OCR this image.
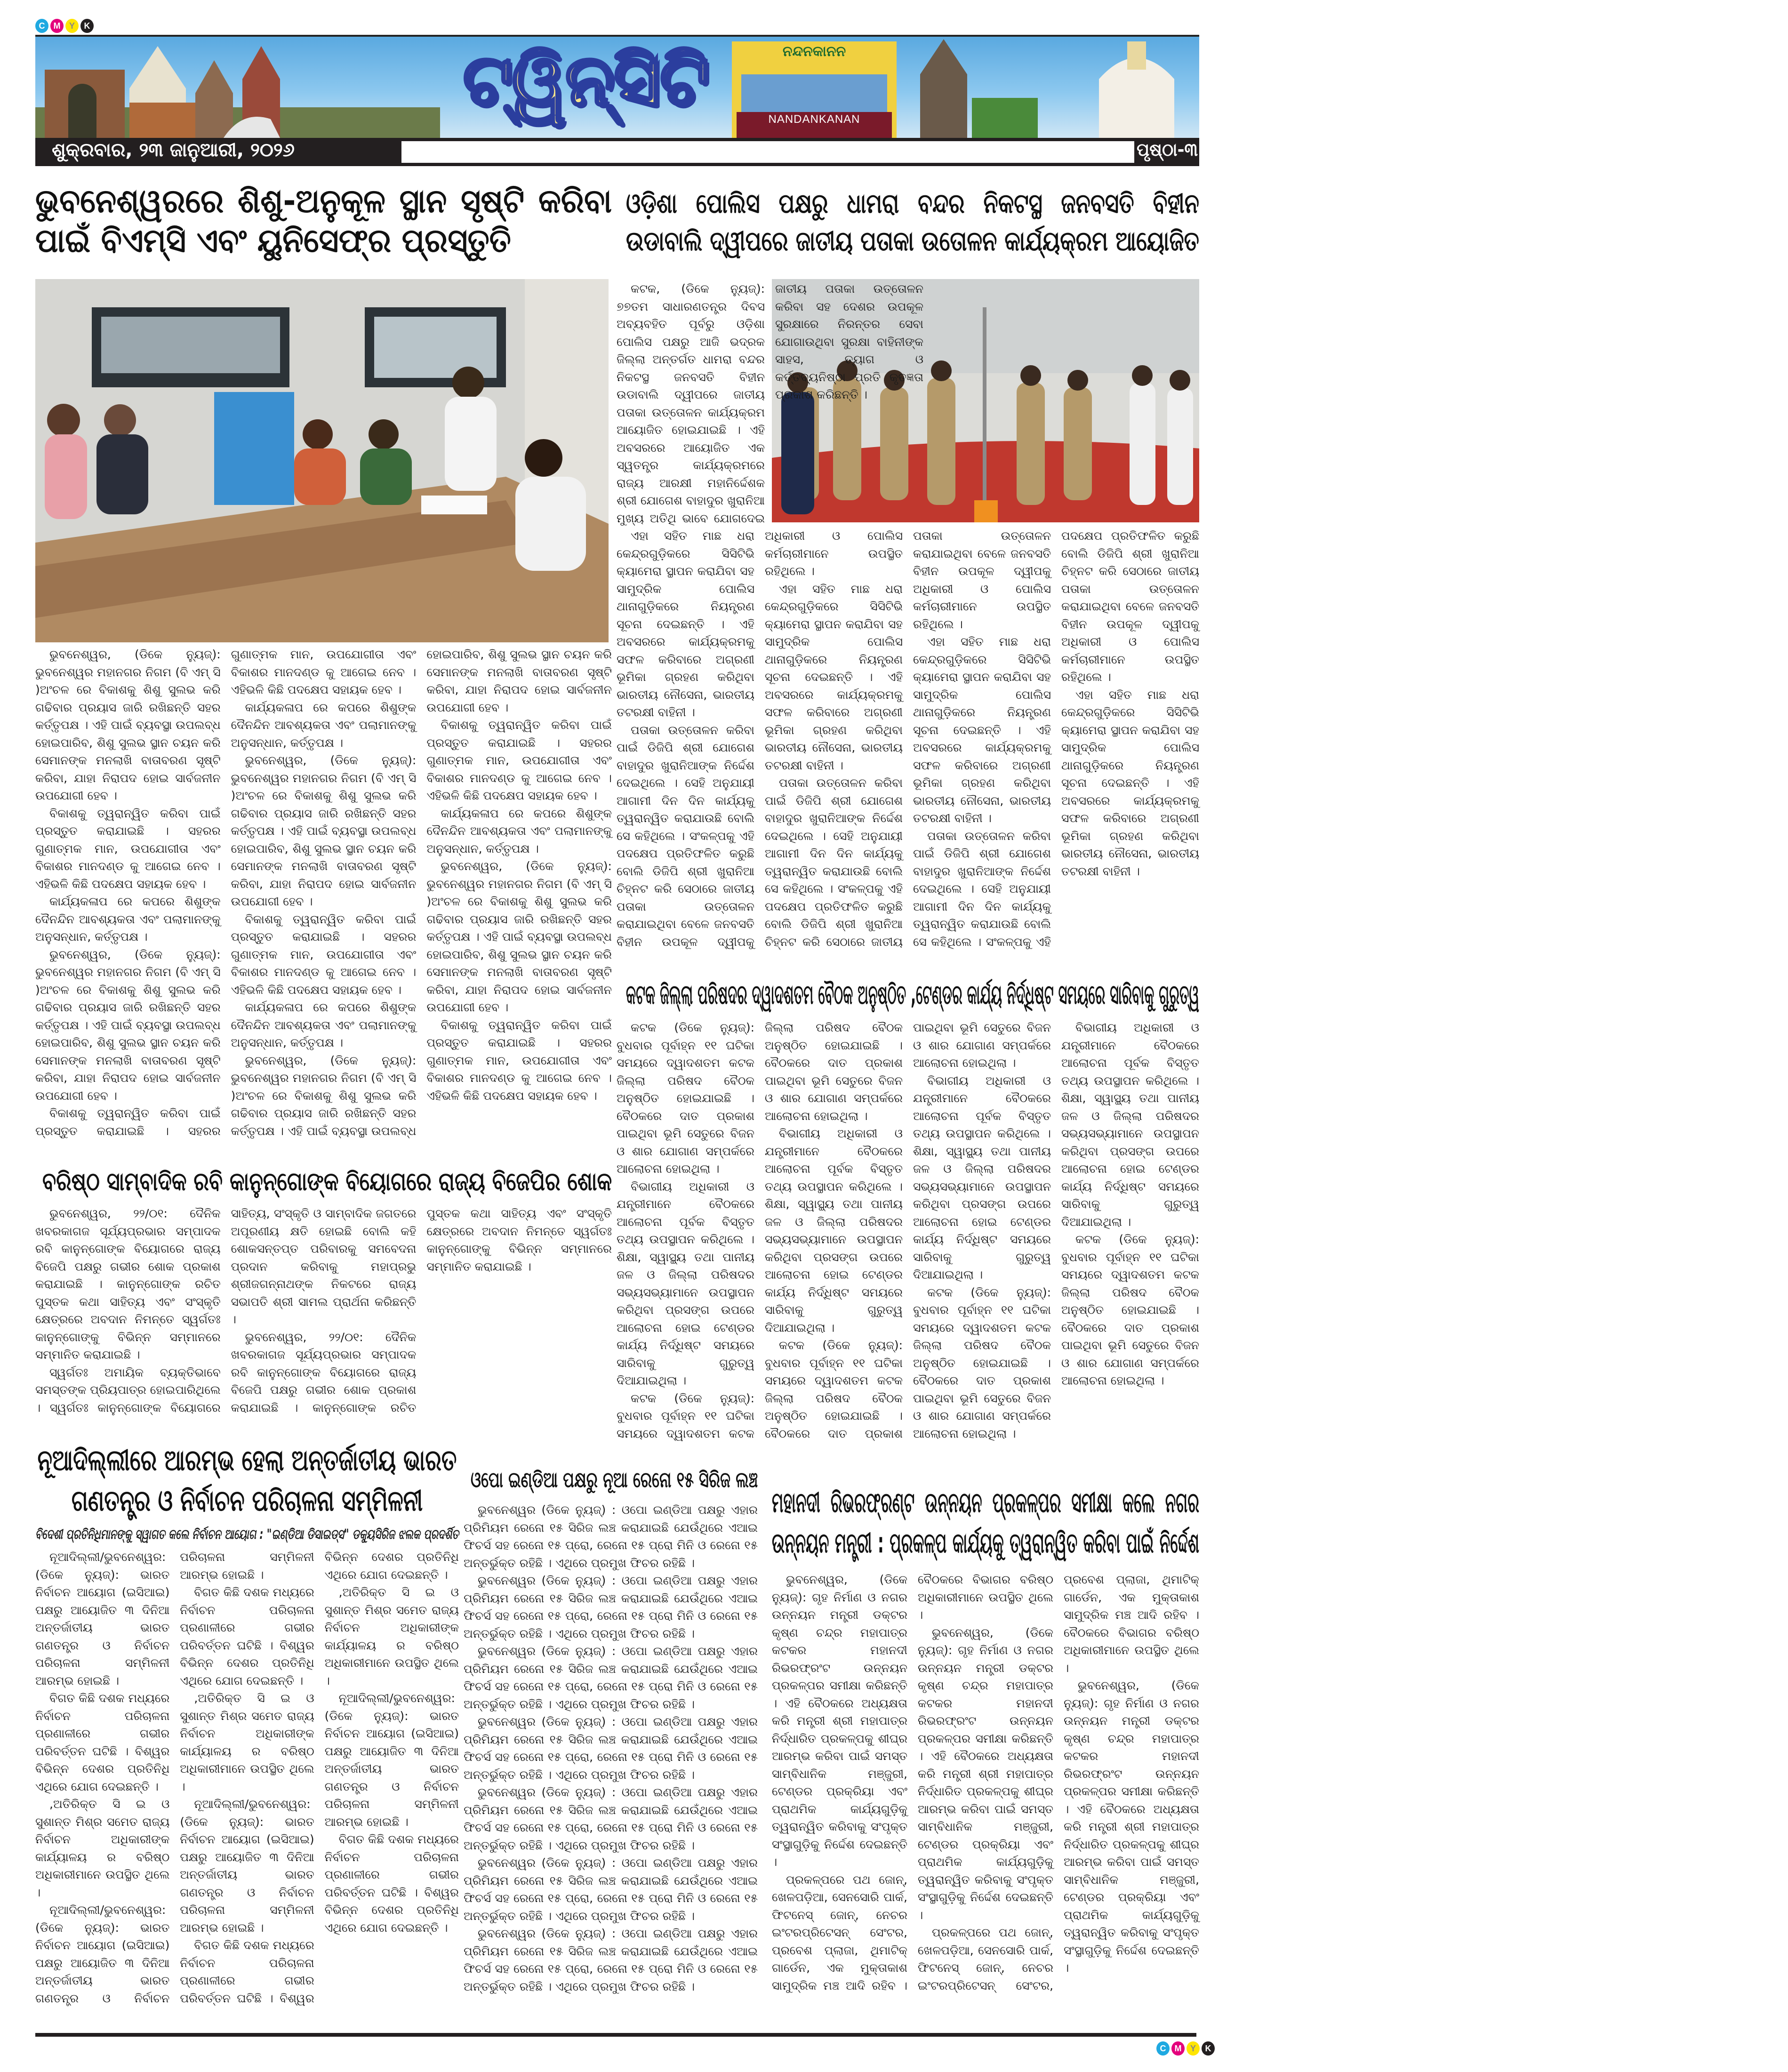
C	M	Y	K
ନନ୍ଦନକାନନ
NANDANKANAN
ଟ୍ୱିନ୍‌ସିଟି
ଶୁକ୍ରବାର, ୨୩ ଜାନୁଆରୀ, ୨୦୨୬	ପୃଷ୍ଠା-୩
ଭୁବନେଶ୍ୱରରେ ଶିଶୁ-ଅନୁକୂଳ ସ୍ଥାନ ସୃଷ୍ଟି କରିବା ପାଇଁ ବିଏମ୍‌ସି ଏବଂ ୟୁନିସେଫ୍‌ର ପ୍ରସ୍ତୁତି
ଓଡ଼ିଶା ପୋଲିସ ପକ୍ଷରୁ ଧାମରା ବନ୍ଦର ନିକଟସ୍ଥ ଜନବସତି ବିହୀନ ଉଡାବାଲି ଦ୍ୱୀପରେ ଜାତୀୟ ପତାକା ଉତୋଳନ କାର୍ଯ୍ୟକ୍ରମ ଆୟୋଜିତ

ଭୁବନେଶ୍ୱର, (ଡିକେ ନ୍ୟୁଜ୍): ଭୁବନେଶ୍ୱର ମହାନଗର ନିଗମ (ବି ଏମ୍ ସି )ଅଂଚଳ ରେ ବିକାଶକୁ ଶିଶୁ ସୁଲଭ କରି ଗଢିବାର ପ୍ରୟାସ ଜାରି ରଖିଛନ୍ତି ସହର କର୍ତ୍ତୃପକ୍ଷ । ଏହି ପାଇଁ ବ୍ୟବସ୍ଥା ଉପଲବ୍ଧ ହୋଇପାରିବ, ଶିଶୁ ସୁଲଭ ସ୍ଥାନ ଚୟନ କରି ସେମାନଙ୍କ ମନଲାଖି ବାତାବରଣ ସୃଷ୍ଟି କରିବା, ଯାହା ନିରାପଦ ହୋଇ ସାର୍ବଜନୀନ ଉପଯୋଗୀ ହେବ ।

ବିକାଶକୁ ତ୍ୱରାନ୍ୱିତ କରିବା ପାଇଁ ପ୍ରସ୍ତୁତ କରାଯାଇଛି । ସହରର ଗୁଣାତ୍ମକ ମାନ, ଉପଯୋଗୀତା ଏବଂ ବିକାଶର ମାନଦଣ୍ଡ କୁ ଆଗେଇ ନେବ । ଏହିଭଳି କିଛି ପଦକ୍ଷେପ ସହାୟକ ହେବ ।

କାର୍ଯ୍ୟକଳାପ ରେ କପରେ ଶିଶୁଙ୍କ ଦୈନନ୍ଦିନ ଆବଶ୍ୟକତା ଏବଂ ପଲାମାନଙ୍କୁ ଅନୁସନ୍ଧାନ, କର୍ତ୍ତୃପକ୍ଷ ।

ଭୁବନେଶ୍ୱର, (ଡିକେ ନ୍ୟୁଜ୍): ଭୁବନେଶ୍ୱର ମହାନଗର ନିଗମ (ବି ଏମ୍ ସି )ଅଂଚଳ ରେ ବିକାଶକୁ ଶିଶୁ ସୁଲଭ କରି ଗଢିବାର ପ୍ରୟାସ ଜାରି ରଖିଛନ୍ତି ସହର କର୍ତ୍ତୃପକ୍ଷ । ଏହି ପାଇଁ ବ୍ୟବସ୍ଥା ଉପଲବ୍ଧ ହୋଇପାରିବ, ଶିଶୁ ସୁଲଭ ସ୍ଥାନ ଚୟନ କରି ସେମାନଙ୍କ ମନଲାଖି ବାତାବରଣ ସୃଷ୍ଟି କରିବା, ଯାହା ନିରାପଦ ହୋଇ ସାର୍ବଜନୀନ ଉପଯୋଗୀ ହେବ ।

ବିକାଶକୁ ତ୍ୱରାନ୍ୱିତ କରିବା ପାଇଁ ପ୍ରସ୍ତୁତ କରାଯାଇଛି । ସହରର ଗୁଣାତ୍ମକ ମାନ, ଉପଯୋଗୀତା ଏବଂ ବିକାଶର ମାନଦଣ୍ଡ କୁ ଆଗେଇ ନେବ । ଏହିଭଳି କିଛି ପଦକ୍ଷେପ ସହାୟକ ହେବ ।

କାର୍ଯ୍ୟକଳାପ ରେ କପରେ ଶିଶୁଙ୍କ ଦୈନନ୍ଦିନ ଆବଶ୍ୟକତା ଏବଂ ପଲାମାନଙ୍କୁ ଅନୁସନ୍ଧାନ, କର୍ତ୍ତୃପକ୍ଷ ।

ଭୁବନେଶ୍ୱର, (ଡିକେ ନ୍ୟୁଜ୍): ଭୁବନେଶ୍ୱର ମହାନଗର ନିଗମ (ବି ଏମ୍ ସି )ଅଂଚଳ ରେ ବିକାଶକୁ ଶିଶୁ ସୁଲଭ କରି ଗଢିବାର ପ୍ରୟାସ ଜାରି ରଖିଛନ୍ତି ସହର କର୍ତ୍ତୃପକ୍ଷ । ଏହି ପାଇଁ ବ୍ୟବସ୍ଥା ଉପଲବ୍ଧ ହୋଇପାରିବ, ଶିଶୁ ସୁଲଭ ସ୍ଥାନ ଚୟନ କରି ସେମାନଙ୍କ ମନଲାଖି ବାତାବରଣ ସୃଷ୍ଟି କରିବା, ଯାହା ନିରାପଦ ହୋଇ ସାର୍ବଜନୀନ ଉପଯୋଗୀ ହେବ ।

ବିକାଶକୁ ତ୍ୱରାନ୍ୱିତ କରିବା ପାଇଁ ପ୍ରସ୍ତୁତ କରାଯାଇଛି । ସହରର ଗୁଣାତ୍ମକ ମାନ, ଉପଯୋଗୀତା ଏବଂ ବିକାଶର ମାନଦଣ୍ଡ କୁ ଆଗେଇ ନେବ । ଏହିଭଳି କିଛି ପଦକ୍ଷେପ ସହାୟକ ହେବ ।

କାର୍ଯ୍ୟକଳାପ ରେ କପରେ ଶିଶୁଙ୍କ ଦୈନନ୍ଦିନ ଆବଶ୍ୟକତା ଏବଂ ପଲାମାନଙ୍କୁ ଅନୁସନ୍ଧାନ, କର୍ତ୍ତୃପକ୍ଷ ।

ଭୁବନେଶ୍ୱର, (ଡିକେ ନ୍ୟୁଜ୍): ଭୁବନେଶ୍ୱର ମହାନଗର ନିଗମ (ବି ଏମ୍ ସି )ଅଂଚଳ ରେ ବିକାଶକୁ ଶିଶୁ ସୁଲଭ କରି ଗଢିବାର ପ୍ରୟାସ ଜାରି ରଖିଛନ୍ତି ସହର କର୍ତ୍ତୃପକ୍ଷ । ଏହି ପାଇଁ ବ୍ୟବସ୍ଥା ଉପଲବ୍ଧ ହୋଇପାରିବ, ଶିଶୁ ସୁଲଭ ସ୍ଥାନ ଚୟନ କରି ସେମାନଙ୍କ ମନଲାଖି ବାତାବରଣ ସୃଷ୍ଟି କରିବା, ଯାହା ନିରାପଦ ହୋଇ ସାର୍ବଜନୀନ ଉପଯୋଗୀ ହେବ ।

ବିକାଶକୁ ତ୍ୱରାନ୍ୱିତ କରିବା ପାଇଁ ପ୍ରସ୍ତୁତ କରାଯାଇଛି । ସହରର ଗୁଣାତ୍ମକ ମାନ, ଉପଯୋଗୀତା ଏବଂ ବିକାଶର ମାନଦଣ୍ଡ କୁ ଆଗେଇ ନେବ । ଏହିଭଳି କିଛି ପଦକ୍ଷେପ ସହାୟକ ହେବ ।

କାର୍ଯ୍ୟକଳାପ ରେ କପରେ ଶିଶୁଙ୍କ ଦୈନନ୍ଦିନ ଆବଶ୍ୟକତା ଏବଂ ପଲାମାନଙ୍କୁ ଅନୁସନ୍ଧାନ, କର୍ତ୍ତୃପକ୍ଷ ।

ଭୁବନେଶ୍ୱର, (ଡିକେ ନ୍ୟୁଜ୍): ଭୁବନେଶ୍ୱର ମହାନଗର ନିଗମ (ବି ଏମ୍ ସି )ଅଂଚଳ ରେ ବିକାଶକୁ ଶିଶୁ ସୁଲଭ କରି ଗଢିବାର ପ୍ରୟାସ ଜାରି ରଖିଛନ୍ତି ସହର କର୍ତ୍ତୃପକ୍ଷ । ଏହି ପାଇଁ ବ୍ୟବସ୍ଥା ଉପଲବ୍ଧ ହୋଇପାରିବ, ଶିଶୁ ସୁଲଭ ସ୍ଥାନ ଚୟନ କରି ସେମାନଙ୍କ ମନଲାଖି ବାତାବରଣ ସୃଷ୍ଟି କରିବା, ଯାହା ନିରାପଦ ହୋଇ ସାର୍ବଜନୀନ ଉପଯୋଗୀ ହେବ ।

ବିକାଶକୁ ତ୍ୱରାନ୍ୱିତ କରିବା ପାଇଁ ପ୍ରସ୍ତୁତ କରାଯାଇଛି । ସହରର ଗୁଣାତ୍ମକ ମାନ, ଉପଯୋଗୀତା ଏବଂ ବିକାଶର ମାନଦଣ୍ଡ କୁ ଆଗେଇ ନେବ । ଏହିଭଳି କିଛି ପଦକ୍ଷେପ ସହାୟକ ହେବ ।

କଟକ, (ଡିକେ ନ୍ୟୁଜ୍): ୭୭ତମ ସାଧାରଣତନ୍ତ୍ର ଦିବସ ଅବ୍ୟବହିତ ପୂର୍ବରୁ ଓଡ଼ିଶା ପୋଲିସ ପକ୍ଷରୁ ଆଜି ଭଦ୍ରକ ଜିଲ୍ଲା ଅନ୍ତର୍ଗତ ଧାମରା ବନ୍ଦର ନିକଟସ୍ଥ ଜନବସତି ବିହୀନ ଉଡାବାଲି ଦ୍ୱୀପରେ ଜାତୀୟ ପତାକା ଉତ୍ତୋଳନ କାର୍ଯ୍ୟକ୍ରମ ଆୟୋଜିତ ହୋଇଯାଇଛି । ଏହି ଅବସରରେ ଆୟୋଜିତ ଏକ ସ୍ୱତନ୍ତ୍ର କାର୍ଯ୍ୟକ୍ରମରେ ରାଜ୍ୟ ଆରକ୍ଷୀ ମହାନିର୍ଦ୍ଦେଶକ ଶ୍ରୀ ଯୋଗେଶ ବାହାଦୁର ଖୁରାନିଆ ମୁଖ୍ୟ ଅତିଥି ଭାବେ ଯୋଗଦେଇ ଜାତୀୟ ପତାକା ଉତ୍ତୋଳନ କରିବା ସହ ଦେଶର ଉପକୂଳ ସୁରକ୍ଷାରେ ନିରନ୍ତର ସେବା ଯୋଗାଉଥିବା ସୁରକ୍ଷା ବାହିନୀଙ୍କ ସାହସ, ତ୍ୟାଗ ଓ କର୍ତ୍ତବ୍ୟନିଷ୍ଠା ପ୍ରତି କୃତଜ୍ଞତା ପ୍ରକାଶ କରିଛନ୍ତି ।

ଏହା ସହିତ ମାଛ ଧରା କେନ୍ଦ୍ରଗୁଡ଼ିକରେ ସିସିଟିଭି କ୍ୟାମେରା ସ୍ଥାପନ କରାଯିବା ସହ ସାମୁଦ୍ରିକ ପୋଲିସ ଥାନାଗୁଡ଼ିକରେ ନିୟନ୍ତ୍ରଣ ସୂଚନା ଦେଇଛନ୍ତି । ଏହି ଅବସରରେ କାର୍ଯ୍ୟକ୍ରମକୁ ସଫଳ କରିବାରେ ଅଗ୍ରଣୀ ଭୂମିକା ଗ୍ରହଣ କରିଥିବା ଭାରତୀୟ ନୌସେନା, ଭାରତୀୟ ତଟରକ୍ଷୀ ବାହିନୀ ।

ପତାକା ଉତ୍ତୋଳନ କରିବା ପାଇଁ ଡିଜିପି ଶ୍ରୀ ଯୋଗେଶ ବାହାଦୁର ଖୁରାନିଆଙ୍କ ନିର୍ଦ୍ଦେଶ ଦେଇଥିଲେ । ସେହି ଅନୁଯାୟୀ ଆଗାମୀ ଦିନ ଦିନ କାର୍ଯ୍ୟକୁ ତ୍ୱରାନ୍ୱିତ କରାଯାଉଛି ବୋଲି ସେ କହିଥିଲେ । ସଂକଳ୍ପକୁ ଏହି ପଦକ୍ଷେପ ପ୍ରତିଫଳିତ କରୁଛି ବୋଲି ଡିଜିପି ଶ୍ରୀ ଖୁରାନିଆ ଚିହ୍ନଟ କରି ସେଠାରେ ଜାତୀୟ ପତାକା ଉତ୍ତୋଳନ କରାଯାଇଥିବା ବେଳେ ଜନବସତି ବିହୀନ ଉପକୂଳ ଦ୍ୱୀପକୁ ଅଧିକାରୀ ଓ ପୋଲିସ କର୍ମଚାରୀମାନେ ଉପସ୍ଥିତ ରହିଥିଲେ ।

ଏହା ସହିତ ମାଛ ଧରା କେନ୍ଦ୍ରଗୁଡ଼ିକରେ ସିସିଟିଭି କ୍ୟାମେରା ସ୍ଥାପନ କରାଯିବା ସହ ସାମୁଦ୍ରିକ ପୋଲିସ ଥାନାଗୁଡ଼ିକରେ ନିୟନ୍ତ୍ରଣ ସୂଚନା ଦେଇଛନ୍ତି । ଏହି ଅବସରରେ କାର୍ଯ୍ୟକ୍ରମକୁ ସଫଳ କରିବାରେ ଅଗ୍ରଣୀ ଭୂମିକା ଗ୍ରହଣ କରିଥିବା ଭାରତୀୟ ନୌସେନା, ଭାରତୀୟ ତଟରକ୍ଷୀ ବାହିନୀ ।

ପତାକା ଉତ୍ତୋଳନ କରିବା ପାଇଁ ଡିଜିପି ଶ୍ରୀ ଯୋଗେଶ ବାହାଦୁର ଖୁରାନିଆଙ୍କ ନିର୍ଦ୍ଦେଶ ଦେଇଥିଲେ । ସେହି ଅନୁଯାୟୀ ଆଗାମୀ ଦିନ ଦିନ କାର୍ଯ୍ୟକୁ ତ୍ୱରାନ୍ୱିତ କରାଯାଉଛି ବୋଲି ସେ କହିଥିଲେ । ସଂକଳ୍ପକୁ ଏହି ପଦକ୍ଷେପ ପ୍ରତିଫଳିତ କରୁଛି ବୋଲି ଡିଜିପି ଶ୍ରୀ ଖୁରାନିଆ ଚିହ୍ନଟ କରି ସେଠାରେ ଜାତୀୟ ପତାକା ଉତ୍ତୋଳନ କରାଯାଇଥିବା ବେଳେ ଜନବସତି ବିହୀନ ଉପକୂଳ ଦ୍ୱୀପକୁ ଅଧିକାରୀ ଓ ପୋଲିସ କର୍ମଚାରୀମାନେ ଉପସ୍ଥିତ ରହିଥିଲେ ।

ଏହା ସହିତ ମାଛ ଧରା କେନ୍ଦ୍ରଗୁଡ଼ିକରେ ସିସିଟିଭି କ୍ୟାମେରା ସ୍ଥାପନ କରାଯିବା ସହ ସାମୁଦ୍ରିକ ପୋଲିସ ଥାନାଗୁଡ଼ିକରେ ନିୟନ୍ତ୍ରଣ ସୂଚନା ଦେଇଛନ୍ତି । ଏହି ଅବସରରେ କାର୍ଯ୍ୟକ୍ରମକୁ ସଫଳ କରିବାରେ ଅଗ୍ରଣୀ ଭୂମିକା ଗ୍ରହଣ କରିଥିବା ଭାରତୀୟ ନୌସେନା, ଭାରତୀୟ ତଟରକ୍ଷୀ ବାହିନୀ ।

ପତାକା ଉତ୍ତୋଳନ କରିବା ପାଇଁ ଡିଜିପି ଶ୍ରୀ ଯୋଗେଶ ବାହାଦୁର ଖୁରାନିଆଙ୍କ ନିର୍ଦ୍ଦେଶ ଦେଇଥିଲେ । ସେହି ଅନୁଯାୟୀ ଆଗାମୀ ଦିନ ଦିନ କାର୍ଯ୍ୟକୁ ତ୍ୱରାନ୍ୱିତ କରାଯାଉଛି ବୋଲି ସେ କହିଥିଲେ । ସଂକଳ୍ପକୁ ଏହି ପଦକ୍ଷେପ ପ୍ରତିଫଳିତ କରୁଛି ବୋଲି ଡିଜିପି ଶ୍ରୀ ଖୁରାନିଆ ଚିହ୍ନଟ କରି ସେଠାରେ ଜାତୀୟ ପତାକା ଉତ୍ତୋଳନ କରାଯାଇଥିବା ବେଳେ ଜନବସତି ବିହୀନ ଉପକୂଳ ଦ୍ୱୀପକୁ ଅଧିକାରୀ ଓ ପୋଲିସ କର୍ମଚାରୀମାନେ ଉପସ୍ଥିତ ରହିଥିଲେ ।

ଏହା ସହିତ ମାଛ ଧରା କେନ୍ଦ୍ରଗୁଡ଼ିକରେ ସିସିଟିଭି କ୍ୟାମେରା ସ୍ଥାପନ କରାଯିବା ସହ ସାମୁଦ୍ରିକ ପୋଲିସ ଥାନାଗୁଡ଼ିକରେ ନିୟନ୍ତ୍ରଣ ସୂଚନା ଦେଇଛନ୍ତି । ଏହି ଅବସରରେ କାର୍ଯ୍ୟକ୍ରମକୁ ସଫଳ କରିବାରେ ଅଗ୍ରଣୀ ଭୂମିକା ଗ୍ରହଣ କରିଥିବା ଭାରତୀୟ ନୌସେନା, ଭାରତୀୟ ତଟରକ୍ଷୀ ବାହିନୀ ।

କଟକ ଜିଲ୍ଲା ପରିଷଦର ଦ୍ୱାଦଶତମ ବୈଠକ ଅନୁଷ୍ଠିତ ,ଟେଣ୍ଡର କାର୍ଯ୍ୟ ନିର୍ଦ୍ଧିଷ୍ଟ ସମୟରେ ସାରିବାକୁ ଗୁରୁତ୍ୱ

କଟକ (ଡିକେ ନ୍ୟୁଜ୍): ବୁଧବାର ପୂର୍ବାହ୍ନ ୧୧ ଘଟିକା ସମୟରେ ଦ୍ୱାଦଶତମ କଟକ ଜିଲ୍ଲା ପରିଷଦ ବୈଠକ ଅନୁଷ୍ଠିତ ହୋଇଯାଇଛି । ବୈଠକରେ ଦାତ ପ୍ରକାଶ ପାଇଥିବା ଭୂମି ସେତୁରେ ବିଜନ ଓ ଶାର ଯୋଗାଣ ସମ୍ପର୍କରେ ଆଲୋଚନା ହୋଇଥିଲା ।

ବିଭାଗୀୟ ଅଧିକାରୀ ଓ ଯନ୍ତ୍ରୀମାନେ ବୈଠକରେ ଆଲୋଚନା ପୂର୍ବକ ବିସ୍ତୃତ ତଥ୍ୟ ଉପସ୍ଥାପନ କରିଥିଲେ । ଶିକ୍ଷା, ସ୍ୱାସ୍ଥ୍ୟ ତଥା ପାନୀୟ ଜଳ ଓ ଜିଲ୍ଲା ପରିଷଦର ସଭ୍ୟସଭ୍ୟାମାନେ ଉପସ୍ଥାପନ କରିଥିବା ପ୍ରସଙ୍ଗ ଉପରେ ଆଲୋଚନା ହୋଇ ଟେଣ୍ଡର କାର୍ଯ୍ୟ ନିର୍ଦ୍ଧିଷ୍ଟ ସମୟରେ ସାରିବାକୁ ଗୁରୁତ୍ୱ ଦିଆଯାଇଥିଲା ।

କଟକ (ଡିକେ ନ୍ୟୁଜ୍): ବୁଧବାର ପୂର୍ବାହ୍ନ ୧୧ ଘଟିକା ସମୟରେ ଦ୍ୱାଦଶତମ କଟକ ଜିଲ୍ଲା ପରିଷଦ ବୈଠକ ଅନୁଷ୍ଠିତ ହୋଇଯାଇଛି । ବୈଠକରେ ଦାତ ପ୍ରକାଶ ପାଇଥିବା ଭୂମି ସେତୁରେ ବିଜନ ଓ ଶାର ଯୋଗାଣ ସମ୍ପର୍କରେ ଆଲୋଚନା ହୋଇଥିଲା ।

ବିଭାଗୀୟ ଅଧିକାରୀ ଓ ଯନ୍ତ୍ରୀମାନେ ବୈଠକରେ ଆଲୋଚନା ପୂର୍ବକ ବିସ୍ତୃତ ତଥ୍ୟ ଉପସ୍ଥାପନ କରିଥିଲେ । ଶିକ୍ଷା, ସ୍ୱାସ୍ଥ୍ୟ ତଥା ପାନୀୟ ଜଳ ଓ ଜିଲ୍ଲା ପରିଷଦର ସଭ୍ୟସଭ୍ୟାମାନେ ଉପସ୍ଥାପନ କରିଥିବା ପ୍ରସଙ୍ଗ ଉପରେ ଆଲୋଚନା ହୋଇ ଟେଣ୍ଡର କାର୍ଯ୍ୟ ନିର୍ଦ୍ଧିଷ୍ଟ ସମୟରେ ସାରିବାକୁ ଗୁରୁତ୍ୱ ଦିଆଯାଇଥିଲା ।

କଟକ (ଡିକେ ନ୍ୟୁଜ୍): ବୁଧବାର ପୂର୍ବାହ୍ନ ୧୧ ଘଟିକା ସମୟରେ ଦ୍ୱାଦଶତମ କଟକ ଜିଲ୍ଲା ପରିଷଦ ବୈଠକ ଅନୁଷ୍ଠିତ ହୋଇଯାଇଛି । ବୈଠକରେ ଦାତ ପ୍ରକାଶ ପାଇଥିବା ଭୂମି ସେତୁରେ ବିଜନ ଓ ଶାର ଯୋଗାଣ ସମ୍ପର୍କରେ ଆଲୋଚନା ହୋଇଥିଲା ।

ବିଭାଗୀୟ ଅଧିକାରୀ ଓ ଯନ୍ତ୍ରୀମାନେ ବୈଠକରେ ଆଲୋଚନା ପୂର୍ବକ ବିସ୍ତୃତ ତଥ୍ୟ ଉପସ୍ଥାପନ କରିଥିଲେ । ଶିକ୍ଷା, ସ୍ୱାସ୍ଥ୍ୟ ତଥା ପାନୀୟ ଜଳ ଓ ଜିଲ୍ଲା ପରିଷଦର ସଭ୍ୟସଭ୍ୟାମାନେ ଉପସ୍ଥାପନ କରିଥିବା ପ୍ରସଙ୍ଗ ଉପରେ ଆଲୋଚନା ହୋଇ ଟେଣ୍ଡର କାର୍ଯ୍ୟ ନିର୍ଦ୍ଧିଷ୍ଟ ସମୟରେ ସାରିବାକୁ ଗୁରୁତ୍ୱ ଦିଆଯାଇଥିଲା ।

କଟକ (ଡିକେ ନ୍ୟୁଜ୍): ବୁଧବାର ପୂର୍ବାହ୍ନ ୧୧ ଘଟିକା ସମୟରେ ଦ୍ୱାଦଶତମ କଟକ ଜିଲ୍ଲା ପରିଷଦ ବୈଠକ ଅନୁଷ୍ଠିତ ହୋଇଯାଇଛି । ବୈଠକରେ ଦାତ ପ୍ରକାଶ ପାଇଥିବା ଭୂମି ସେତୁରେ ବିଜନ ଓ ଶାର ଯୋଗାଣ ସମ୍ପର୍କରେ ଆଲୋଚନା ହୋଇଥିଲା ।

ବିଭାଗୀୟ ଅଧିକାରୀ ଓ ଯନ୍ତ୍ରୀମାନେ ବୈଠକରେ ଆଲୋଚନା ପୂର୍ବକ ବିସ୍ତୃତ ତଥ୍ୟ ଉପସ୍ଥାପନ କରିଥିଲେ । ଶିକ୍ଷା, ସ୍ୱାସ୍ଥ୍ୟ ତଥା ପାନୀୟ ଜଳ ଓ ଜିଲ୍ଲା ପରିଷଦର ସଭ୍ୟସଭ୍ୟାମାନେ ଉପସ୍ଥାପନ କରିଥିବା ପ୍ରସଙ୍ଗ ଉପରେ ଆଲୋଚନା ହୋଇ ଟେଣ୍ଡର କାର୍ଯ୍ୟ ନିର୍ଦ୍ଧିଷ୍ଟ ସମୟରେ ସାରିବାକୁ ଗୁରୁତ୍ୱ ଦିଆଯାଇଥିଲା ।

କଟକ (ଡିକେ ନ୍ୟୁଜ୍): ବୁଧବାର ପୂର୍ବାହ୍ନ ୧୧ ଘଟିକା ସମୟରେ ଦ୍ୱାଦଶତମ କଟକ ଜିଲ୍ଲା ପରିଷଦ ବୈଠକ ଅନୁଷ୍ଠିତ ହୋଇଯାଇଛି । ବୈଠକରେ ଦାତ ପ୍ରକାଶ ପାଇଥିବା ଭୂମି ସେତୁରେ ବିଜନ ଓ ଶାର ଯୋଗାଣ ସମ୍ପର୍କରେ ଆଲୋଚନା ହୋଇଥିଲା ।

ବରିଷ୍ଠ ସାମ୍ବାଦିକ ରବି କାନୁନ୍‌ଗୋଙ୍କ ବିୟୋଗରେ ରାଜ୍ୟ ବିଜେପିର ଶୋକ

ଭୁବନେଶ୍ୱର, ୨୨/୦୧: ଦୈନିକ ଖବରକାଗଜ ସୂର୍ଯ୍ୟପ୍ରଭାର ସମ୍ପାଦକ ରବି କାନୁନ୍‌ଗୋଙ୍କ ବିୟୋଗରେ ରାଜ୍ୟ ବିଜେପି ପକ୍ଷରୁ ଗଭୀର ଶୋକ ପ୍ରକାଶ କରାଯାଇଛି । କାନୁନ୍‌ଗୋଙ୍କ ରଚିତ ପୁସ୍ତକ କଥା ସାହିତ୍ୟ ଏବଂ ସଂସ୍କୃତି କ୍ଷେତ୍ରରେ ଅବଦାନ ନିମନ୍ତେ ସ୍ୱର୍ଗତଃ କାନୁନ୍‌ଗୋଙ୍କୁ ବିଭିନ୍ନ ସମ୍ମାନରେ ସମ୍ମାନିତ କରାଯାଇଛି ।

ସ୍ୱର୍ଗତଃ ଅମାୟିକ ବ୍ୟକ୍ତିଭାବେ ସମସ୍ତଙ୍କ ପ୍ରିୟପାତ୍ର ହୋଇପାରିଥିଲେ । ସ୍ୱର୍ଗତଃ କାନୁନ୍‌ଗୋଙ୍କ ବିୟୋଗରେ ସାହିତ୍ୟ, ସଂସ୍କୃତି ଓ ସାମ୍ବାଦିକ ଜଗତରେ ଅପୂରଣୀୟ କ୍ଷତି ହୋଇଛି ବୋଲି କହି ଶୋକସନ୍ତପ୍ତ ପରିବାରକୁ ସମବେଦନା ପ୍ରଦାନ କରିବାକୁ ମହାପ୍ରଭୁ ଶ୍ରୀଜଗନ୍ନାଥଙ୍କ ନିକଟରେ ରାଜ୍ୟ ସଭାପତି ଶ୍ରୀ ସାମଲ ପ୍ରାର୍ଥନା କରିଛନ୍ତି ।

ଭୁବନେଶ୍ୱର, ୨୨/୦୧: ଦୈନିକ ଖବରକାଗଜ ସୂର୍ଯ୍ୟପ୍ରଭାର ସମ୍ପାଦକ ରବି କାନୁନ୍‌ଗୋଙ୍କ ବିୟୋଗରେ ରାଜ୍ୟ ବିଜେପି ପକ୍ଷରୁ ଗଭୀର ଶୋକ ପ୍ରକାଶ କରାଯାଇଛି । କାନୁନ୍‌ଗୋଙ୍କ ରଚିତ ପୁସ୍ତକ କଥା ସାହିତ୍ୟ ଏବଂ ସଂସ୍କୃତି କ୍ଷେତ୍ରରେ ଅବଦାନ ନିମନ୍ତେ ସ୍ୱର୍ଗତଃ କାନୁନ୍‌ଗୋଙ୍କୁ ବିଭିନ୍ନ ସମ୍ମାନରେ ସମ୍ମାନିତ କରାଯାଇଛି ।

ନୂଆଦିଲ୍ଲୀରେ ଆରମ୍ଭ ହେଲା ଅନ୍ତର୍ଜାତୀୟ ଭାରତ ଗଣତନ୍ତ୍ର ଓ ନିର୍ବାଚନ ପରିଚାଳନା ସମ୍ମିଳନୀ
ବିଦେଶୀ ପ୍ରତିନିଧିମାନଙ୍କୁ ସ୍ୱାଗତ କଲେ ନିର୍ବାଚନ ଆୟୋଗ : "ଇଣ୍ଡିଆ ଡିସାଇଡ୍ସ" ଡକ୍ୟୁସିରିଜ ଝଲକ ପ୍ରଦର୍ଶିତ

ନୂଆଦିଲ୍ଲୀ/ଭୁବନେଶ୍ୱର:(ଡିକେ ନ୍ୟୁଜ୍): ଭାରତ ନିର୍ବାଚନ ଆୟୋଗ (ଇସିଆଇ) ପକ୍ଷରୁ ଆୟୋଜିତ ୩ ଦିନିଆ ଅନ୍ତର୍ଜାତୀୟ ଭାରତ ଗଣତନ୍ତ୍ର ଓ ନିର୍ବାଚନ ପରିଚାଳନା ସମ୍ମିଳନୀ ଆରମ୍ଭ ହୋଇଛି ।

ବିଗତ କିଛି ଦଶକ ମଧ୍ୟରେ ନିର୍ବାଚନ ପରିଚାଳନା ପ୍ରଣାଳୀରେ ଗଭୀର ପରିବର୍ତ୍ତନ ଘଟିଛି । ବିଶ୍ୱର ବିଭିନ୍ନ ଦେଶର ପ୍ରତିନିଧି ଏଥିରେ ଯୋଗ ଦେଇଛନ୍ତି ।

,ଅତିରିକ୍ତ ସି ଇ ଓ ସୁଶାନ୍ତ ମିଶ୍ର ସମେତ ରାଜ୍ୟ ନିର୍ବାଚନ ଅଧିକାରୀଙ୍କ କାର୍ଯ୍ୟାଳୟ ର ବରିଷ୍ଠ ଅଧିକାରୀମାନେ ଉପସ୍ଥିତ ଥିଲେ ।

ନୂଆଦିଲ୍ଲୀ/ଭୁବନେଶ୍ୱର:(ଡିକେ ନ୍ୟୁଜ୍): ଭାରତ ନିର୍ବାଚନ ଆୟୋଗ (ଇସିଆଇ) ପକ୍ଷରୁ ଆୟୋଜିତ ୩ ଦିନିଆ ଅନ୍ତର୍ଜାତୀୟ ଭାରତ ଗଣତନ୍ତ୍ର ଓ ନିର୍ବାଚନ ପରିଚାଳନା ସମ୍ମିଳନୀ ଆରମ୍ଭ ହୋଇଛି ।

ବିଗତ କିଛି ଦଶକ ମଧ୍ୟରେ ନିର୍ବାଚନ ପରିଚାଳନା ପ୍ରଣାଳୀରେ ଗଭୀର ପରିବର୍ତ୍ତନ ଘଟିଛି । ବିଶ୍ୱର ବିଭିନ୍ନ ଦେଶର ପ୍ରତିନିଧି ଏଥିରେ ଯୋଗ ଦେଇଛନ୍ତି ।

,ଅତିରିକ୍ତ ସି ଇ ଓ ସୁଶାନ୍ତ ମିଶ୍ର ସମେତ ରାଜ୍ୟ ନିର୍ବାଚନ ଅଧିକାରୀଙ୍କ କାର୍ଯ୍ୟାଳୟ ର ବରିଷ୍ଠ ଅଧିକାରୀମାନେ ଉପସ୍ଥିତ ଥିଲେ ।

ନୂଆଦିଲ୍ଲୀ/ଭୁବନେଶ୍ୱର:(ଡିକେ ନ୍ୟୁଜ୍): ଭାରତ ନିର୍ବାଚନ ଆୟୋଗ (ଇସିଆଇ) ପକ୍ଷରୁ ଆୟୋଜିତ ୩ ଦିନିଆ ଅନ୍ତର୍ଜାତୀୟ ଭାରତ ଗଣତନ୍ତ୍ର ଓ ନିର୍ବାଚନ ପରିଚାଳନା ସମ୍ମିଳନୀ ଆରମ୍ଭ ହୋଇଛି ।

ବିଗତ କିଛି ଦଶକ ମଧ୍ୟରେ ନିର୍ବାଚନ ପରିଚାଳନା ପ୍ରଣାଳୀରେ ଗଭୀର ପରିବର୍ତ୍ତନ ଘଟିଛି । ବିଶ୍ୱର ବିଭିନ୍ନ ଦେଶର ପ୍ରତିନିଧି ଏଥିରେ ଯୋଗ ଦେଇଛନ୍ତି ।

,ଅତିରିକ୍ତ ସି ଇ ଓ ସୁଶାନ୍ତ ମିଶ୍ର ସମେତ ରାଜ୍ୟ ନିର୍ବାଚନ ଅଧିକାରୀଙ୍କ କାର୍ଯ୍ୟାଳୟ ର ବରିଷ୍ଠ ଅଧିକାରୀମାନେ ଉପସ୍ଥିତ ଥିଲେ ।

ନୂଆଦିଲ୍ଲୀ/ଭୁବନେଶ୍ୱର:(ଡିକେ ନ୍ୟୁଜ୍): ଭାରତ ନିର୍ବାଚନ ଆୟୋଗ (ଇସିଆଇ) ପକ୍ଷରୁ ଆୟୋଜିତ ୩ ଦିନିଆ ଅନ୍ତର୍ଜାତୀୟ ଭାରତ ଗଣତନ୍ତ୍ର ଓ ନିର୍ବାଚନ ପରିଚାଳନା ସମ୍ମିଳନୀ ଆରମ୍ଭ ହୋଇଛି ।

ବିଗତ କିଛି ଦଶକ ମଧ୍ୟରେ ନିର୍ବାଚନ ପରିଚାଳନା ପ୍ରଣାଳୀରେ ଗଭୀର ପରିବର୍ତ୍ତନ ଘଟିଛି । ବିଶ୍ୱର ବିଭିନ୍ନ ଦେଶର ପ୍ରତିନିଧି ଏଥିରେ ଯୋଗ ଦେଇଛନ୍ତି ।

ଓପୋ ଇଣ୍ଡିଆ ପକ୍ଷରୁ ନୂଆ ରେନୋ ୧୫ ସିରିଜ ଲଞ୍ଚ

ଭୁବନେଶ୍ୱର (ଡିକେ ନ୍ୟୁଜ୍) : ଓପୋ ଇଣ୍ଡିଆ ପକ୍ଷରୁ ଏହାର ପ୍ରିମିୟମ ରେନୋ ୧୫ ସିରିଜ ଲଞ୍ଚ କରାଯାଇଛି ଯେଉଁଥିରେ ଏଆଇ ଫିଚର୍ସ ସହ ରେନୋ ୧୫ ପ୍ରୋ, ରେନୋ ୧୫ ପ୍ରୋ ମିନି ଓ ରେନୋ ୧୫ ଅନ୍ତର୍ଭୁକ୍ତ ରହିଛି । ଏଥିରେ ପ୍ରମୁଖ ଫିଚର ରହିଛି ।

ଭୁବନେଶ୍ୱର (ଡିକେ ନ୍ୟୁଜ୍) : ଓପୋ ଇଣ୍ଡିଆ ପକ୍ଷରୁ ଏହାର ପ୍ରିମିୟମ ରେନୋ ୧୫ ସିରିଜ ଲଞ୍ଚ କରାଯାଇଛି ଯେଉଁଥିରେ ଏଆଇ ଫିଚର୍ସ ସହ ରେନୋ ୧୫ ପ୍ରୋ, ରେନୋ ୧୫ ପ୍ରୋ ମିନି ଓ ରେନୋ ୧୫ ଅନ୍ତର୍ଭୁକ୍ତ ରହିଛି । ଏଥିରେ ପ୍ରମୁଖ ଫିଚର ରହିଛି ।

ଭୁବନେଶ୍ୱର (ଡିକେ ନ୍ୟୁଜ୍) : ଓପୋ ଇଣ୍ଡିଆ ପକ୍ଷରୁ ଏହାର ପ୍ରିମିୟମ ରେନୋ ୧୫ ସିରିଜ ଲଞ୍ଚ କରାଯାଇଛି ଯେଉଁଥିରେ ଏଆଇ ଫିଚର୍ସ ସହ ରେନୋ ୧୫ ପ୍ରୋ, ରେନୋ ୧୫ ପ୍ରୋ ମିନି ଓ ରେନୋ ୧୫ ଅନ୍ତର୍ଭୁକ୍ତ ରହିଛି । ଏଥିରେ ପ୍ରମୁଖ ଫିଚର ରହିଛି ।

ଭୁବନେଶ୍ୱର (ଡିକେ ନ୍ୟୁଜ୍) : ଓପୋ ଇଣ୍ଡିଆ ପକ୍ଷରୁ ଏହାର ପ୍ରିମିୟମ ରେନୋ ୧୫ ସିରିଜ ଲଞ୍ଚ କରାଯାଇଛି ଯେଉଁଥିରେ ଏଆଇ ଫିଚର୍ସ ସହ ରେନୋ ୧୫ ପ୍ରୋ, ରେନୋ ୧୫ ପ୍ରୋ ମିନି ଓ ରେନୋ ୧୫ ଅନ୍ତର୍ଭୁକ୍ତ ରହିଛି । ଏଥିରେ ପ୍ରମୁଖ ଫିଚର ରହିଛି ।

ଭୁବନେଶ୍ୱର (ଡିକେ ନ୍ୟୁଜ୍) : ଓପୋ ଇଣ୍ଡିଆ ପକ୍ଷରୁ ଏହାର ପ୍ରିମିୟମ ରେନୋ ୧୫ ସିରିଜ ଲଞ୍ଚ କରାଯାଇଛି ଯେଉଁଥିରେ ଏଆଇ ଫିଚର୍ସ ସହ ରେନୋ ୧୫ ପ୍ରୋ, ରେନୋ ୧୫ ପ୍ରୋ ମିନି ଓ ରେନୋ ୧୫ ଅନ୍ତର୍ଭୁକ୍ତ ରହିଛି । ଏଥିରେ ପ୍ରମୁଖ ଫିଚର ରହିଛି ।

ଭୁବନେଶ୍ୱର (ଡିକେ ନ୍ୟୁଜ୍) : ଓପୋ ଇଣ୍ଡିଆ ପକ୍ଷରୁ ଏହାର ପ୍ରିମିୟମ ରେନୋ ୧୫ ସିରିଜ ଲଞ୍ଚ କରାଯାଇଛି ଯେଉଁଥିରେ ଏଆଇ ଫିଚର୍ସ ସହ ରେନୋ ୧୫ ପ୍ରୋ, ରେନୋ ୧୫ ପ୍ରୋ ମିନି ଓ ରେନୋ ୧୫ ଅନ୍ତର୍ଭୁକ୍ତ ରହିଛି । ଏଥିରେ ପ୍ରମୁଖ ଫିଚର ରହିଛି ।

ଭୁବନେଶ୍ୱର (ଡିକେ ନ୍ୟୁଜ୍) : ଓପୋ ଇଣ୍ଡିଆ ପକ୍ଷରୁ ଏହାର ପ୍ରିମିୟମ ରେନୋ ୧୫ ସିରିଜ ଲଞ୍ଚ କରାଯାଇଛି ଯେଉଁଥିରେ ଏଆଇ ଫିଚର୍ସ ସହ ରେନୋ ୧୫ ପ୍ରୋ, ରେନୋ ୧୫ ପ୍ରୋ ମିନି ଓ ରେନୋ ୧୫ ଅନ୍ତର୍ଭୁକ୍ତ ରହିଛି । ଏଥିରେ ପ୍ରମୁଖ ଫିଚର ରହିଛି ।

ମହାନଦୀ ରିଭରଫ୍ରଣ୍ଟ ଉନ୍ନୟନ ପ୍ରକଳ୍ପର ସମୀକ୍ଷା କଲେ ନଗର ଉନ୍ନୟନ ମନ୍ତ୍ରୀ : ପ୍ରକଳ୍ପ କାର୍ଯ୍ୟକୁ ତ୍ୱରାନ୍ୱିତ କରିବା ପାଇଁ ନିର୍ଦ୍ଦେଶ

ଭୁବନେଶ୍ୱର, (ଡିକେ ନ୍ୟୁଜ୍): ଗୃହ ନିର୍ମାଣ ଓ ନଗର ଉନ୍ନୟନ ମନ୍ତ୍ରୀ ଡକ୍ଟର କୃଷ୍ଣ ଚନ୍ଦ୍ର ମହାପାତ୍ର କଟକର ମହାନଦୀ ରିଭରଫ୍ରଂଟ ଉନ୍ନୟନ ପ୍ରକଳ୍ପର ସମୀକ୍ଷା କରିଛନ୍ତି । ଏହି ବୈଠକରେ ଅଧ୍ୟକ୍ଷତା କରି ମନ୍ତ୍ରୀ ଶ୍ରୀ ମହାପାତ୍ର ନିର୍ଦ୍ଧାରିତ ପ୍ରକଳ୍ପକୁ ଶୀଘ୍ର ଆରମ୍ଭ କରିବା ପାଇଁ ସମସ୍ତ ସାମ୍ବିଧାନିକ ମଞ୍ଜୁରୀ, ଟେଣ୍ଡର ପ୍ରକ୍ରିୟା ଏବଂ ପ୍ରାଥମିକ କାର୍ଯ୍ୟଗୁଡ଼ିକୁ ତ୍ୱରାନ୍ୱିତ କରିବାକୁ ସଂପୃକ୍ତ ସଂସ୍ଥାଗୁଡ଼ିକୁ ନିର୍ଦ୍ଦେଶ ଦେଇଛନ୍ତି ।

ପ୍ରକଳ୍ପରେ ପଥ ଜୋନ୍, ଖେଳପଡ଼ିଆ, ସେନସୋରି ପାର୍କ, ଫିଟନେସ୍ ଜୋନ୍, ନେଚର ଇଂଟରପ୍ରିଟେସନ୍ ସେଂଟର, ପ୍ରବେଶ ପ୍ଲାଜା, ଥିମାଟିକ୍ ଗାର୍ଡେନ, ଏକ ମୁକ୍ତାକାଶ ସାମୁଦ୍ରିକ ମଞ୍ଚ ଆଦି ରହିବ । ବୈଠକରେ ବିଭାଗର ବରିଷ୍ଠ ଅଧିକାରୀମାନେ ଉପସ୍ଥିତ ଥିଲେ ।

ଭୁବନେଶ୍ୱର, (ଡିକେ ନ୍ୟୁଜ୍): ଗୃହ ନିର୍ମାଣ ଓ ନଗର ଉନ୍ନୟନ ମନ୍ତ୍ରୀ ଡକ୍ଟର କୃଷ୍ଣ ଚନ୍ଦ୍ର ମହାପାତ୍ର କଟକର ମହାନଦୀ ରିଭରଫ୍ରଂଟ ଉନ୍ନୟନ ପ୍ରକଳ୍ପର ସମୀକ୍ଷା କରିଛନ୍ତି । ଏହି ବୈଠକରେ ଅଧ୍ୟକ୍ଷତା କରି ମନ୍ତ୍ରୀ ଶ୍ରୀ ମହାପାତ୍ର ନିର୍ଦ୍ଧାରିତ ପ୍ରକଳ୍ପକୁ ଶୀଘ୍ର ଆରମ୍ଭ କରିବା ପାଇଁ ସମସ୍ତ ସାମ୍ବିଧାନିକ ମଞ୍ଜୁରୀ, ଟେଣ୍ଡର ପ୍ରକ୍ରିୟା ଏବଂ ପ୍ରାଥମିକ କାର୍ଯ୍ୟଗୁଡ଼ିକୁ ତ୍ୱରାନ୍ୱିତ କରିବାକୁ ସଂପୃକ୍ତ ସଂସ୍ଥାଗୁଡ଼ିକୁ ନିର୍ଦ୍ଦେଶ ଦେଇଛନ୍ତି ।

ପ୍ରକଳ୍ପରେ ପଥ ଜୋନ୍, ଖେଳପଡ଼ିଆ, ସେନସୋରି ପାର୍କ, ଫିଟନେସ୍ ଜୋନ୍, ନେଚର ଇଂଟରପ୍ରିଟେସନ୍ ସେଂଟର, ପ୍ରବେଶ ପ୍ଲାଜା, ଥିମାଟିକ୍ ଗାର୍ଡେନ, ଏକ ମୁକ୍ତାକାଶ ସାମୁଦ୍ରିକ ମଞ୍ଚ ଆଦି ରହିବ । ବୈଠକରେ ବିଭାଗର ବରିଷ୍ଠ ଅଧିକାରୀମାନେ ଉପସ୍ଥିତ ଥିଲେ ।

ଭୁବନେଶ୍ୱର, (ଡିକେ ନ୍ୟୁଜ୍): ଗୃହ ନିର୍ମାଣ ଓ ନଗର ଉନ୍ନୟନ ମନ୍ତ୍ରୀ ଡକ୍ଟର କୃଷ୍ଣ ଚନ୍ଦ୍ର ମହାପାତ୍ର କଟକର ମହାନଦୀ ରିଭରଫ୍ରଂଟ ଉନ୍ନୟନ ପ୍ରକଳ୍ପର ସମୀକ୍ଷା କରିଛନ୍ତି । ଏହି ବୈଠକରେ ଅଧ୍ୟକ୍ଷତା କରି ମନ୍ତ୍ରୀ ଶ୍ରୀ ମହାପାତ୍ର ନିର୍ଦ୍ଧାରିତ ପ୍ରକଳ୍ପକୁ ଶୀଘ୍ର ଆରମ୍ଭ କରିବା ପାଇଁ ସମସ୍ତ ସାମ୍ବିଧାନିକ ମଞ୍ଜୁରୀ, ଟେଣ୍ଡର ପ୍ରକ୍ରିୟା ଏବଂ ପ୍ରାଥମିକ କାର୍ଯ୍ୟଗୁଡ଼ିକୁ ତ୍ୱରାନ୍ୱିତ କରିବାକୁ ସଂପୃକ୍ତ ସଂସ୍ଥାଗୁଡ଼ିକୁ ନିର୍ଦ୍ଦେଶ ଦେଇଛନ୍ତି ।

C	M	Y	K
